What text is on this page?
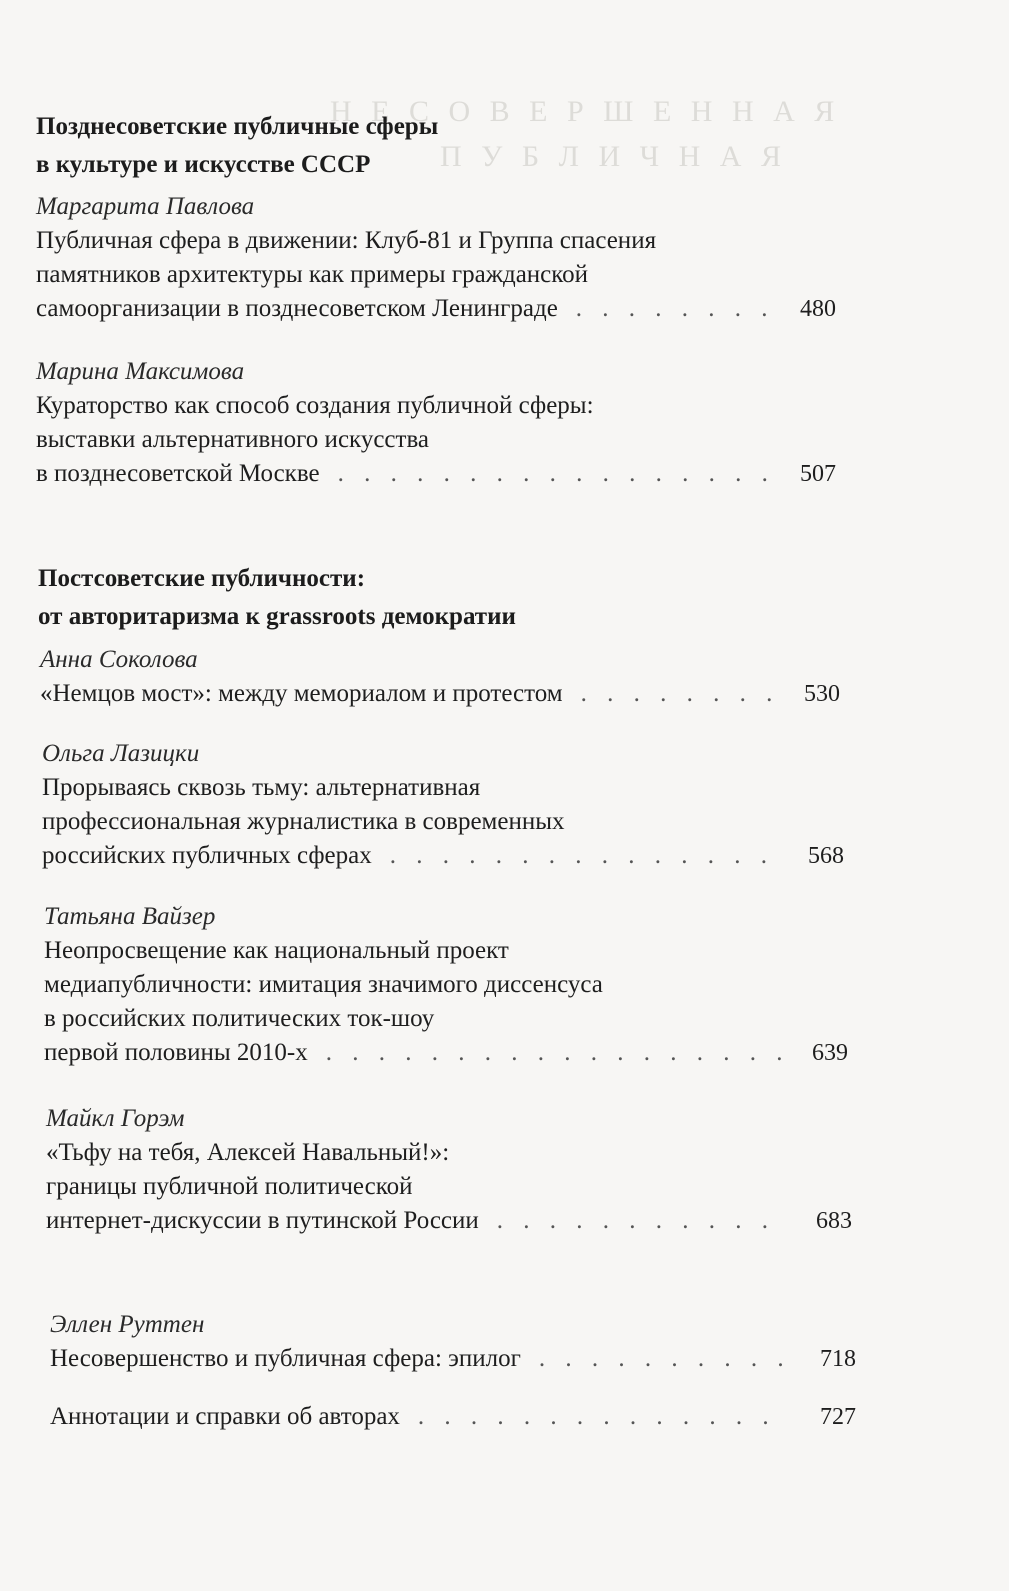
Н Е С О В Е Р Ш Е Н Н А Я
П У Б Л И Ч Н А Я
Позднесоветские публичные сферы
в культуре и искусстве СССР
Маргарита Павлова
Публичная сфера в движении: Клуб-81 и Группа спасения
памятников архитектуры как примеры гражданской
самоорганизации в позднесоветском Ленинграде . . .	480
Марина Максимова
Кураторство как способ создания публичной сферы:
выставки альтернативного искусства
в позднесоветской Москве . . .	507
Постсоветские публичности:
от авторитаризма к grassroots демократии
Анна Соколова
«Немцов мост»: между мемориалом и протестом . . .	530
Ольга Лазицки
Прорываясь сквозь тьму: альтернативная
профессиональная журналистика в современных
российских публичных сферах . . .	568
Татьяна Вайзер
Неопросвещение как национальный проект
медиапубличности: имитация значимого диссенсуса
в российских политических ток-шоу
первой половины 2010-х . . .	639
Майкл Горэм
«Тьфу на тебя, Алексей Навальный!»:
границы публичной политической
интернет-дискуссии в путинской России . . .	683
Эллен Руттен
Несовершенство и публичная сфера: эпилог . . .	718
Аннотации и справки об авторах . . .	727
